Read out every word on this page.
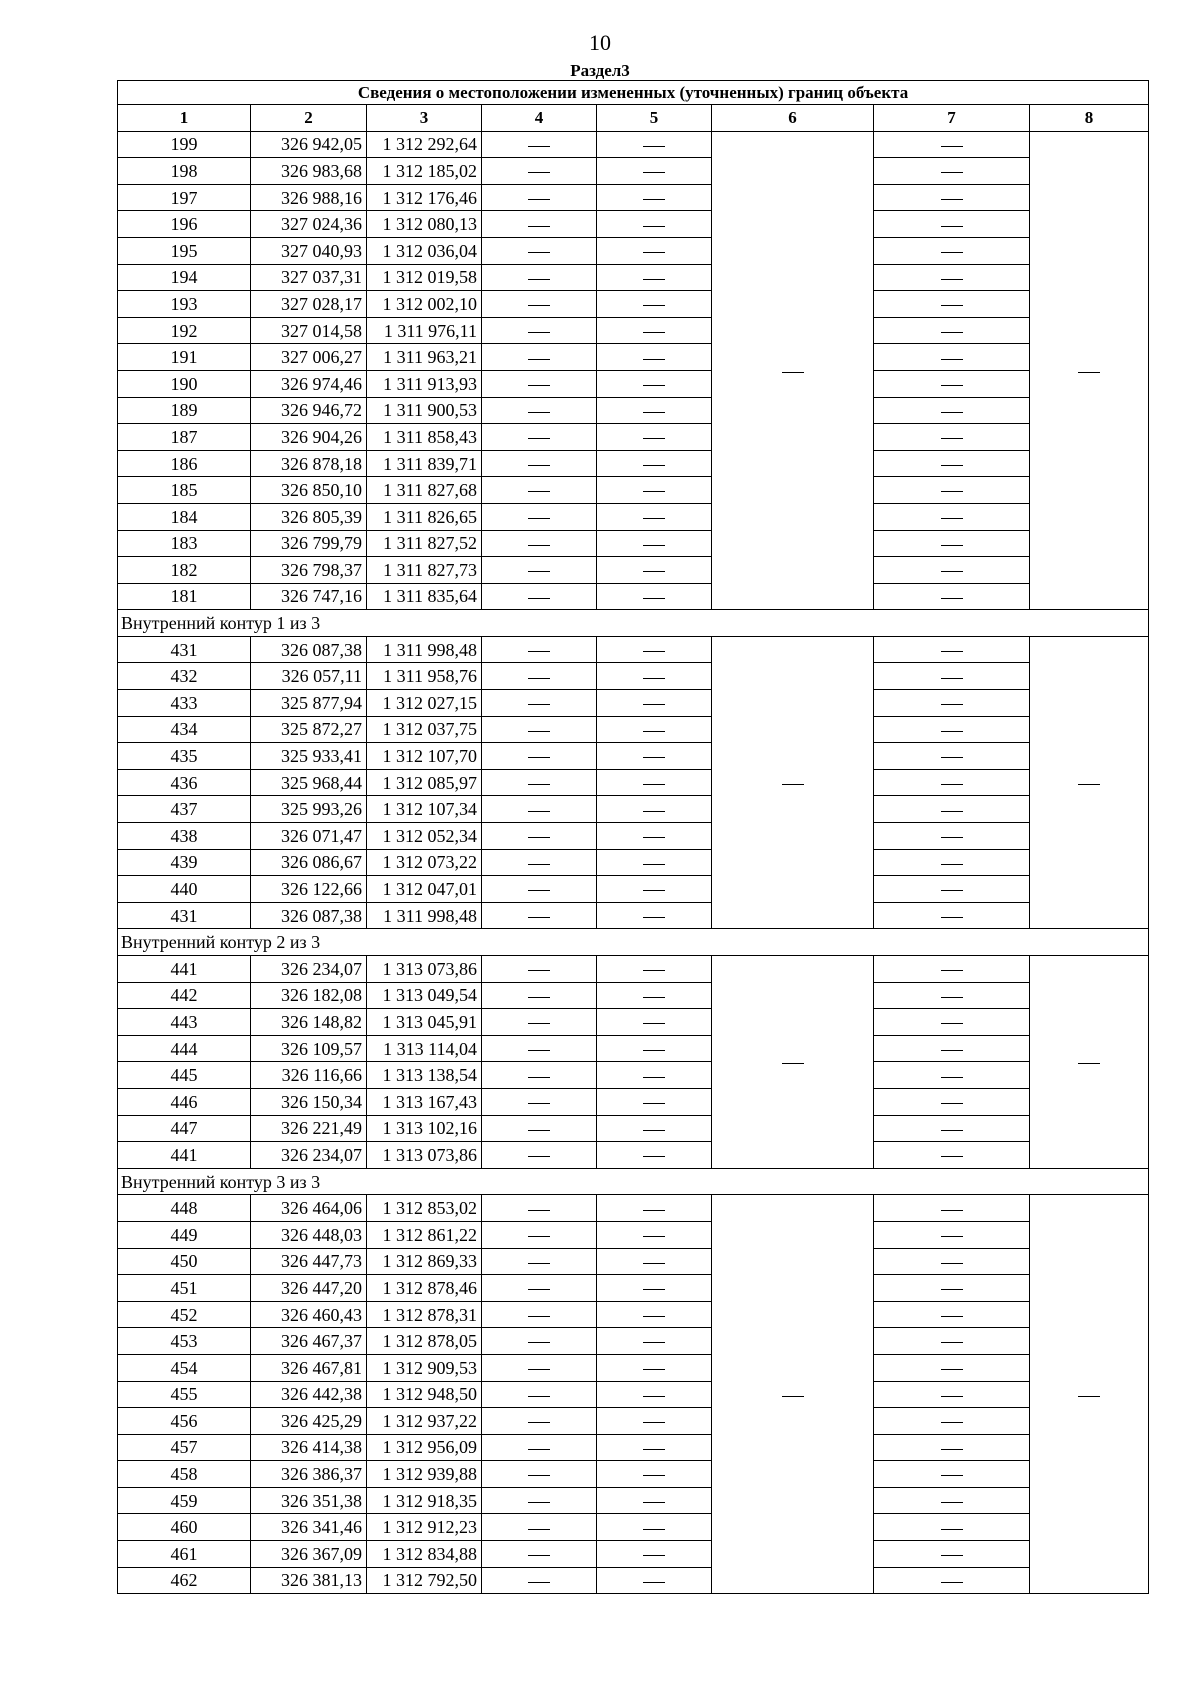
10
Раздел3
Сведения о местоположении измененных (уточненных) границ объекта							
1	2	3	4	5	6	7	8
199	326 942,05	1 312 292,64					
198	326 983,68	1 312 185,02					
197	326 988,16	1 312 176,46					
196	327 024,36	1 312 080,13					
195	327 040,93	1 312 036,04					
194	327 037,31	1 312 019,58					
193	327 028,17	1 312 002,10					
192	327 014,58	1 311 976,11					
191	327 006,27	1 311 963,21					
190	326 974,46	1 311 913,93					
189	326 946,72	1 311 900,53					
187	326 904,26	1 311 858,43					
186	326 878,18	1 311 839,71					
185	326 850,10	1 311 827,68					
184	326 805,39	1 311 826,65					
183	326 799,79	1 311 827,52					
182	326 798,37	1 311 827,73					
181	326 747,16	1 311 835,64					
Внутренний контур 1 из 3							
431	326 087,38	1 311 998,48					
432	326 057,11	1 311 958,76					
433	325 877,94	1 312 027,15					
434	325 872,27	1 312 037,75					
435	325 933,41	1 312 107,70					
436	325 968,44	1 312 085,97					
437	325 993,26	1 312 107,34					
438	326 071,47	1 312 052,34					
439	326 086,67	1 312 073,22					
440	326 122,66	1 312 047,01					
431	326 087,38	1 311 998,48					
Внутренний контур 2 из 3							
441	326 234,07	1 313 073,86					
442	326 182,08	1 313 049,54					
443	326 148,82	1 313 045,91					
444	326 109,57	1 313 114,04					
445	326 116,66	1 313 138,54					
446	326 150,34	1 313 167,43					
447	326 221,49	1 313 102,16					
441	326 234,07	1 313 073,86					
Внутренний контур 3 из 3							
448	326 464,06	1 312 853,02					
449	326 448,03	1 312 861,22					
450	326 447,73	1 312 869,33					
451	326 447,20	1 312 878,46					
452	326 460,43	1 312 878,31					
453	326 467,37	1 312 878,05					
454	326 467,81	1 312 909,53					
455	326 442,38	1 312 948,50					
456	326 425,29	1 312 937,22					
457	326 414,38	1 312 956,09					
458	326 386,37	1 312 939,88					
459	326 351,38	1 312 918,35					
460	326 341,46	1 312 912,23					
461	326 367,09	1 312 834,88					
462	326 381,13	1 312 792,50					
